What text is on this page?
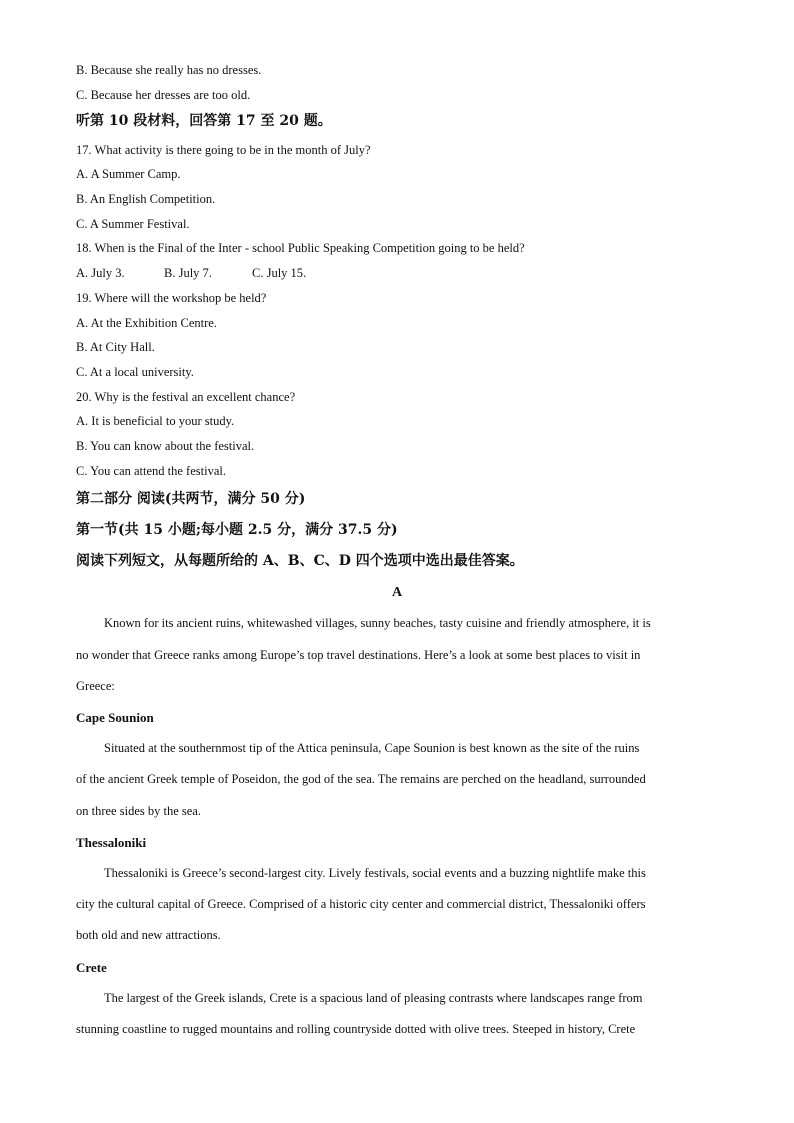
B. Because she really has no dresses.
C. Because her dresses are too old.
听第 10 段材料，回答第 17 至 20 题。
17. What activity is there going to be in the month of July?
A. A Summer Camp.
B. An English Competition.
C. A Summer Festival.
18. When is the Final of the Inter - school Public Speaking Competition going to be held?
A. July 3.	B. July 7.	C. July 15.
19. Where will the workshop be held?
A. At the Exhibition Centre.
B. At City Hall.
C. At a local university.
20. Why is the festival an excellent chance?
A. It is beneficial to your study.
B. You can know about the festival.
C. You can attend the festival.
第二部分 阅读(共两节，满分 50 分)
第一节(共 15 小题;每小题 2.5 分，满分 37.5 分)
阅读下列短文，从每题所给的 A、B、C、D 四个选项中选出最佳答案。
A
Known for its ancient ruins, whitewashed villages, sunny beaches, tasty cuisine and friendly atmosphere, it is
no wonder that Greece ranks among Europe’s top travel destinations. Here’s a look at some best places to visit in
Greece:
Cape Sounion
Situated at the southernmost tip of the Attica peninsula, Cape Sounion is best known as the site of the ruins
of the ancient Greek temple of Poseidon, the god of the sea. The remains are perched on the headland, surrounded
on three sides by the sea.
Thessaloniki
Thessaloniki is Greece’s second-largest city. Lively festivals, social events and a buzzing nightlife make this
city the cultural capital of Greece. Comprised of a historic city center and commercial district, Thessaloniki offers
both old and new attractions.
Crete
The largest of the Greek islands, Crete is a spacious land of pleasing contrasts where landscapes range from
stunning coastline to rugged mountains and rolling countryside dotted with olive trees. Steeped in history, Crete
